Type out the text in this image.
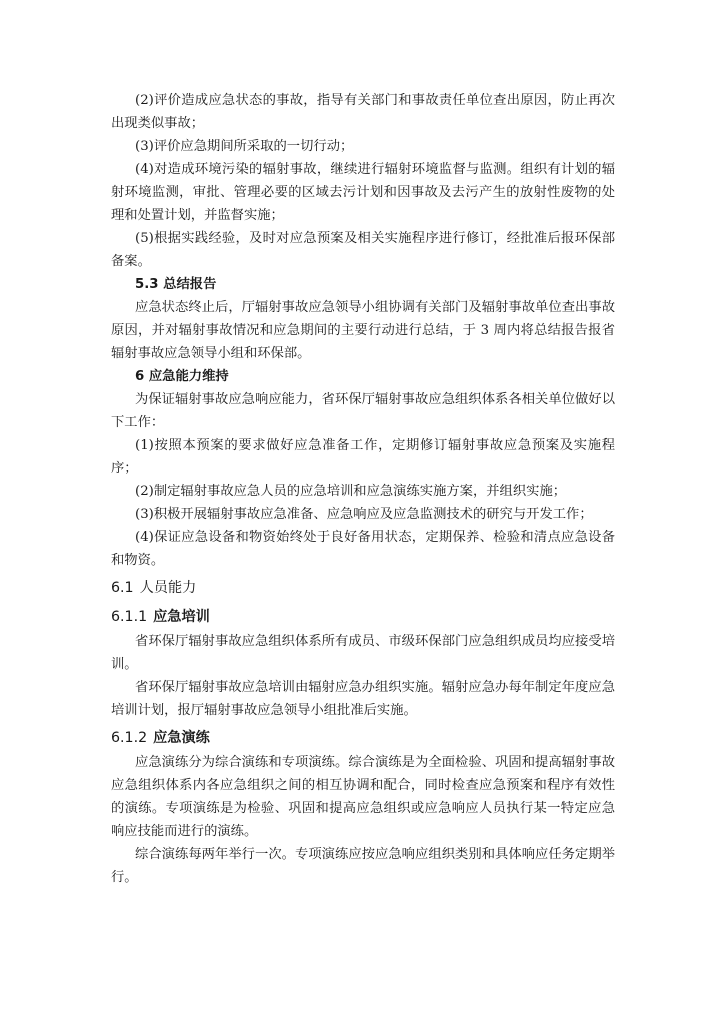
(2)评价造成应急状态的事故，指导有关部门和事故责任单位查出原因，防止再次出现类似事故；

(3)评价应急期间所采取的一切行动；

(4)对造成环境污染的辐射事故，继续进行辐射环境监督与监测。组织有计划的辐射环境监测，审批、管理必要的区域去污计划和因事故及去污产生的放射性废物的处理和处置计划，并监督实施；

(5)根据实践经验，及时对应急预案及相关实施程序进行修订，经批准后报环保部备案。

5.3 总结报告

应急状态终止后，厅辐射事故应急领导小组协调有关部门及辐射事故单位查出事故原因，并对辐射事故情况和应急期间的主要行动进行总结，于 3 周内将总结报告报省辐射事故应急领导小组和环保部。

6 应急能力维持

为保证辐射事故应急响应能力，省环保厅辐射事故应急组织体系各相关单位做好以下工作：

(1)按照本预案的要求做好应急准备工作，定期修订辐射事故应急预案及实施程序；

(2)制定辐射事故应急人员的应急培训和应急演练实施方案，并组织实施；

(3)积极开展辐射事故应急准备、应急响应及应急监测技术的研究与开发工作；

(4)保证应急设备和物资始终处于良好备用状态，定期保养、检验和清点应急设备和物资。

6.1 人员能力
6.1.1 应急培训

省环保厅辐射事故应急组织体系所有成员、市级环保部门应急组织成员均应接受培训。

省环保厅辐射事故应急培训由辐射应急办组织实施。辐射应急办每年制定年度应急培训计划，报厅辐射事故应急领导小组批准后实施。

6.1.2 应急演练

应急演练分为综合演练和专项演练。综合演练是为全面检验、巩固和提高辐射事故应急组织体系内各应急组织之间的相互协调和配合，同时检查应急预案和程序有效性的演练。专项演练是为检验、巩固和提高应急组织或应急响应人员执行某一特定应急响应技能而进行的演练。

综合演练每两年举行一次。专项演练应按应急响应组织类别和具体响应任务定期举行。
